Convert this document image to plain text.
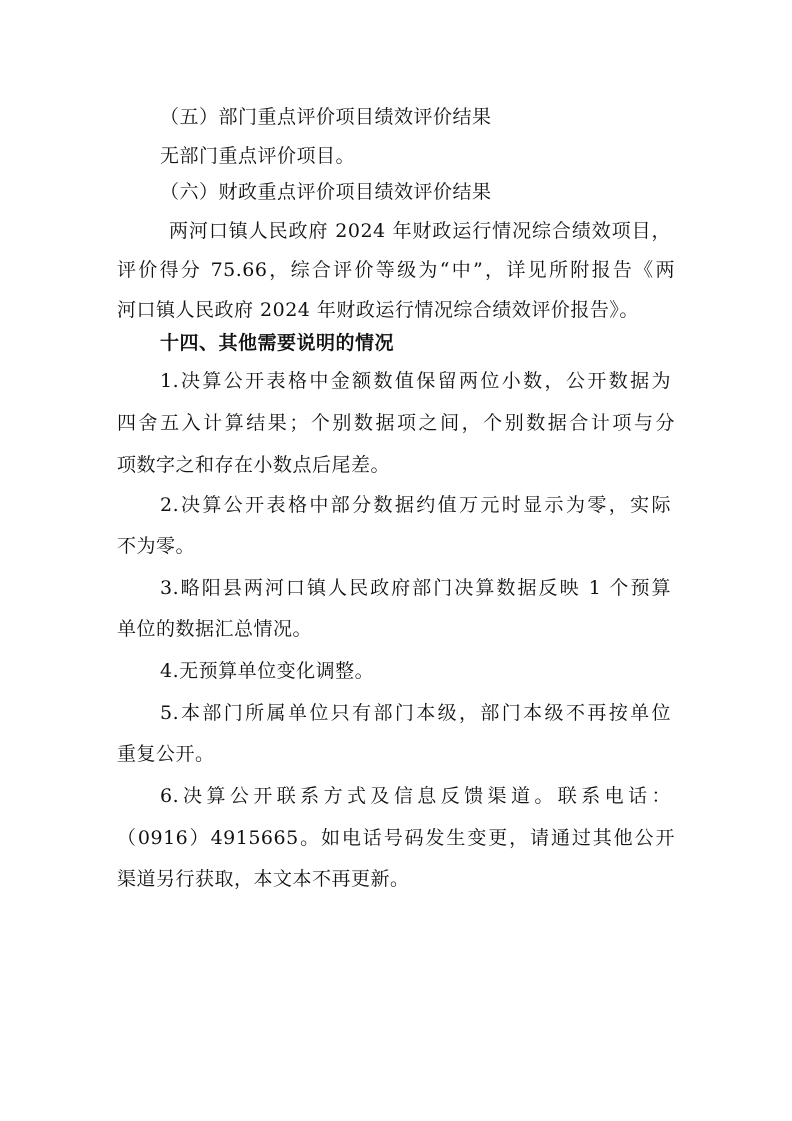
（五）部门重点评价项目绩效评价结果
无部门重点评价项目。
（六）财政重点评价项目绩效评价结果
两河口镇人民政府 2024 年财政运行情况综合绩效项目，
评价得分 75.66，综合评价等级为“中”，详见所附报告《两
河口镇人民政府 2024 年财政运行情况综合绩效评价报告》。
十四、其他需要说明的情况
1.决算公开表格中金额数值保留两位小数，公开数据为
四舍五入计算结果；个别数据项之间，个别数据合计项与分
项数字之和存在小数点后尾差。
2.决算公开表格中部分数据约值万元时显示为零，实际
不为零。
3.略阳县两河口镇人民政府部门决算数据反映 1 个预算
单位的数据汇总情况。
4.无预算单位变化调整。
5.本部门所属单位只有部门本级，部门本级不再按单位
重复公开。
6.决算公开联系方式及信息反馈渠道。联系电话：
（0916）4915665。如电话号码发生变更，请通过其他公开
渠道另行获取，本文本不再更新。
